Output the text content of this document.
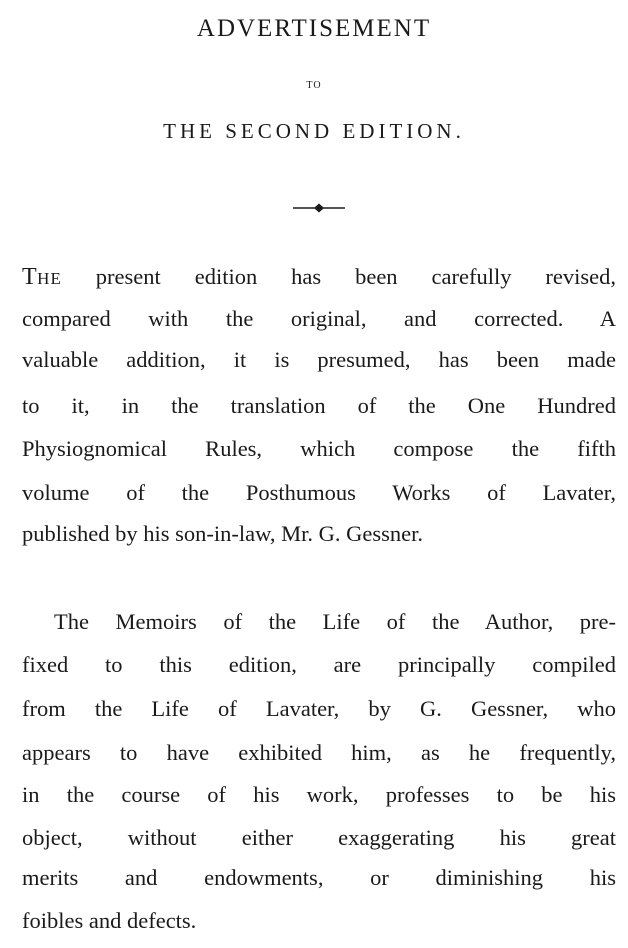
ADVERTISEMENT
TO
THE SECOND EDITION.

THE present edition has been carefully revised,

compared with the original, and corrected. A

valuable addition, it is presumed, has been made

to it, in the translation of the One Hundred

Physiognomical Rules, which compose the fifth

volume of the Posthumous Works of Lavater,

published by his son-in-law, Mr. G. Gessner.

The Memoirs of the Life of the Author, pre-

fixed to this edition, are principally compiled

from the Life of Lavater, by G. Gessner, who

appears to have exhibited him, as he frequently,

in the course of his work, professes to be his

object, without either exaggerating his great

merits and endowments, or diminishing his

foibles and defects.
